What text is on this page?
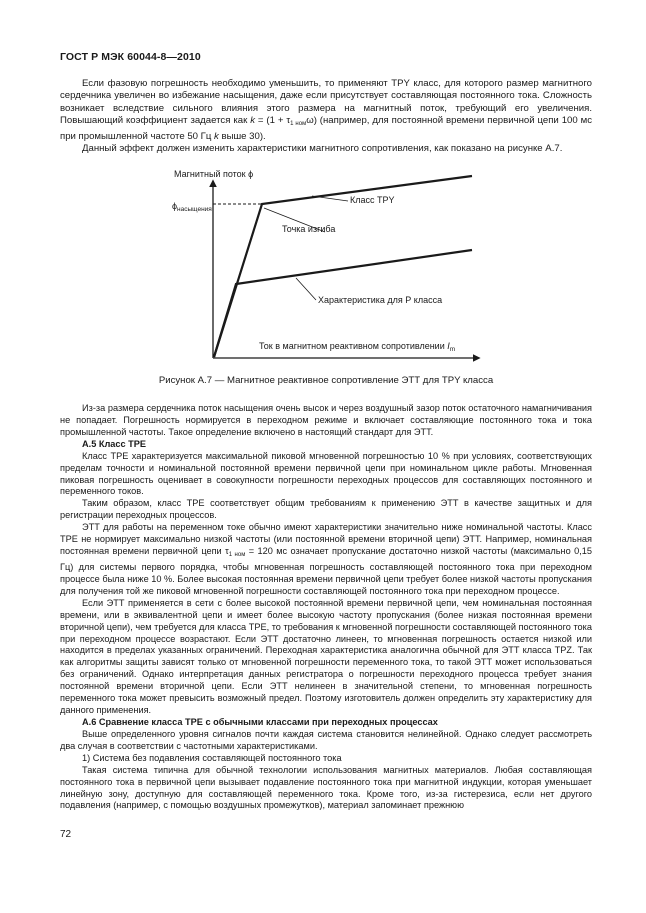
ГОСТ Р МЭК 60044-8—2010

Если фазовую погрешность необходимо уменьшить, то применяют TPY класс, для которого размер магнитного сердечника увеличен во избежание насыщения, даже если присутствует составляющая постоянного тока. Сложность возникает вследствие сильного влияния этого размера на магнитный поток, требующий его увеличения. Повышающий коэффициент задается как $k = (1 + \tau_{1 ном}\omega)$ (например, для постоянной времени первичной цепи 100 мс при промышленной частоте 50 Гц k выше 30).

Данный эффект должен изменить характеристики магнитного сопротивления, как показано на рисунке А.7.

Магнитный поток ϕ
$\phi_{насыщения}$
Класс TPY
Точка изгиба
Характеристика для Р класса
Ток в магнитном реактивном сопротивлении $I_m$
Рисунок А.7 — Магнитное реактивное сопротивление ЭТТ для TPY класса

Из-за размера сердечника поток насыщения очень высок и через воздушный зазор поток остаточного намагничивания не попадает. Погрешность нормируется в переходном режиме и включает составляющие постоянного тока и тока промышленной частоты. Такое определение включено в настоящий стандарт для ЭТТ.

А.5 Класс TPE

Класс TPE характеризуется максимальной пиковой мгновенной погрешностью 10 % при условиях, соответствующих пределам точности и номинальной постоянной времени первичной цепи при номинальном цикле работы. Мгновенная пиковая погрешность оценивает в совокупности погрешности переходных процессов для составляющих постоянного и переменного токов.

Таким образом, класс TPE соответствует общим требованиям к применению ЭТТ в качестве защитных и для регистрации переходных процессов.

ЭТТ для работы на переменном токе обычно имеют характеристики значительно ниже номинальной частоты. Класс TPE не нормирует максимально низкой частоты (или постоянной времени вторичной цепи) ЭТТ. Например, номинальная постоянная времени первичной цепи $\tau_{1 ном} = 120$ мс означает пропускание достаточно низкой частоты (максимально 0,15 Гц) для системы первого порядка, чтобы мгновенная погрешность составляющей постоянного тока при переходном процессе была ниже 10 %. Более высокая постоянная времени первичной цепи требует более низкой частоты пропускания для получения той же пиковой мгновенной погрешности составляющей постоянного тока при переходном процессе.

Если ЭТТ применяется в сети с более высокой постоянной времени первичной цепи, чем номинальная постоянная времени, или в эквивалентной цепи и имеет более высокую частоту пропускания (более низкая постоянная времени вторичной цепи), чем требуется для класса TPE, то требования к мгновенной погрешности составляющей постоянного тока при переходном процессе возрастают. Если ЭТТ достаточно линеен, то мгновенная погрешность остается низкой или находится в пределах указанных ограничений. Переходная характеристика аналогична обычной для ЭТТ класса TPZ. Так как алгоритмы защиты зависят только от мгновенной погрешности переменного тока, то такой ЭТТ может использоваться без ограничений. Однако интерпретация данных регистратора о погрешности переходного процесса требует знания постоянной времени вторичной цепи. Если ЭТТ нелинеен в значительной степени, то мгновенная погрешность переменного тока может превысить возможный предел. Поэтому изготовитель должен определить эту характеристику для данного применения.

А.6 Сравнение класса TPE с обычными классами при переходных процессах

Выше определенного уровня сигналов почти каждая система становится нелинейной. Однако следует рассмотреть два случая в соответствии с частотными характеристиками.

1) Система без подавления составляющей постоянного тока

Такая система типична для обычной технологии использования магнитных материалов. Любая составляющая постоянного тока в первичной цепи вызывает подавление постоянного тока при магнитной индукции, которая уменьшает линейную зону, доступную для составляющей переменного тока. Кроме того, из-за гистерезиса, если нет другого подавления (например, с помощью воздушных промежутков), материал запоминает прежнюю

72
